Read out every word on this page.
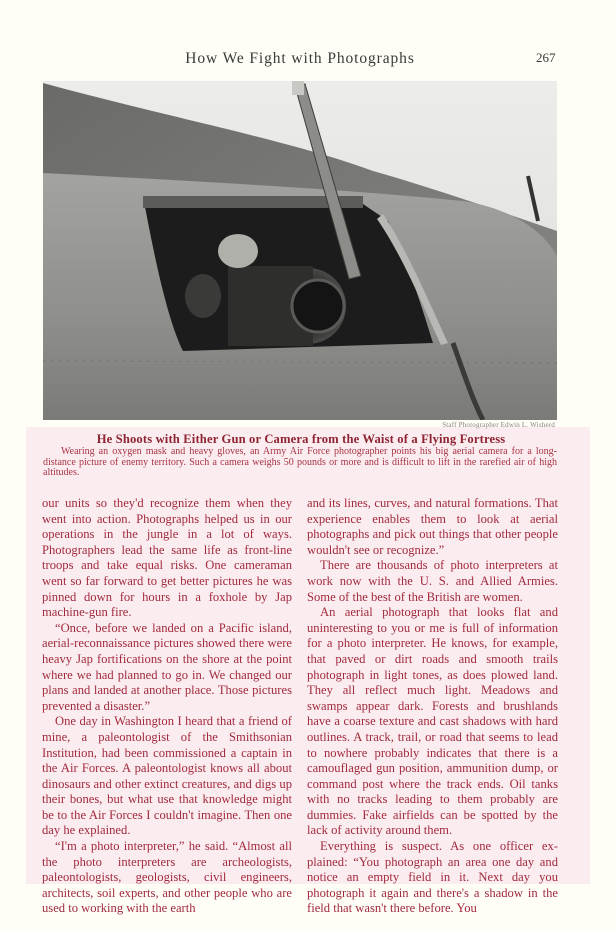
How We Fight with Photographs	267
Staff Photographer Edwin L. Wisherd
He Shoots with Either Gun or Camera from the Waist of a Flying Fortress
Wearing an oxygen mask and heavy gloves, an Army Air Force photographer points his big aerial camera for a long-distance picture of enemy territory. Such a camera weighs 50 pounds or more and is difficult to lift in the rarefied air of high altitudes.

our units so they'd recognize them when they went into action. Photographs helped us in our operations in the jungle in a lot of ways. Photographers lead the same life as front-line troops and take equal risks. One cameraman went so far forward to get better pictures he was pinned down for hours in a foxhole by Jap machine-gun fire.

“Once, before we landed on a Pacific island, aerial-reconnaissance pictures showed there were heavy Jap fortifications on the shore at the point where we had planned to go in. We changed our plans and landed at another place. Those pictures prevented a disaster.”

One day in Washington I heard that a friend of mine, a paleontologist of the Smithsonian Institution, had been commissioned a captain in the Air Forces. A paleontologist knows all about dinosaurs and other extinct creatures, and digs up their bones, but what use that knowledge might be to the Air Forces I couldn't imagine. Then one day he explained.

“I'm a photo interpreter,” he said. “Almost all the photo interpreters are archeologists, paleontologists, geologists, civil engineers, architects, soil experts, and other people who are used to working with the earth

and its lines, curves, and natural formations. That experience enables them to look at aerial photographs and pick out things that other people wouldn't see or recognize.”

There are thousands of photo interpreters at work now with the U. S. and Allied Armies. Some of the best of the British are women.

An aerial photograph that looks flat and uninteresting to you or me is full of information for a photo interpreter. He knows, for example, that paved or dirt roads and smooth trails photograph in light tones, as does plowed land. They all reflect much light. Meadows and swamps appear dark. Forests and brushlands have a coarse texture and cast shadows with hard outlines. A track, trail, or road that seems to lead to nowhere probably indicates that there is a camouflaged gun position, ammunition dump, or command post where the track ends. Oil tanks with no tracks leading to them probably are dummies. Fake airfields can be spotted by the lack of activity around them.

Everything is suspect. As one officer explained: “You photograph an area one day and notice an empty field in it. Next day you photograph it again and there's a shadow in the field that wasn't there before. You
